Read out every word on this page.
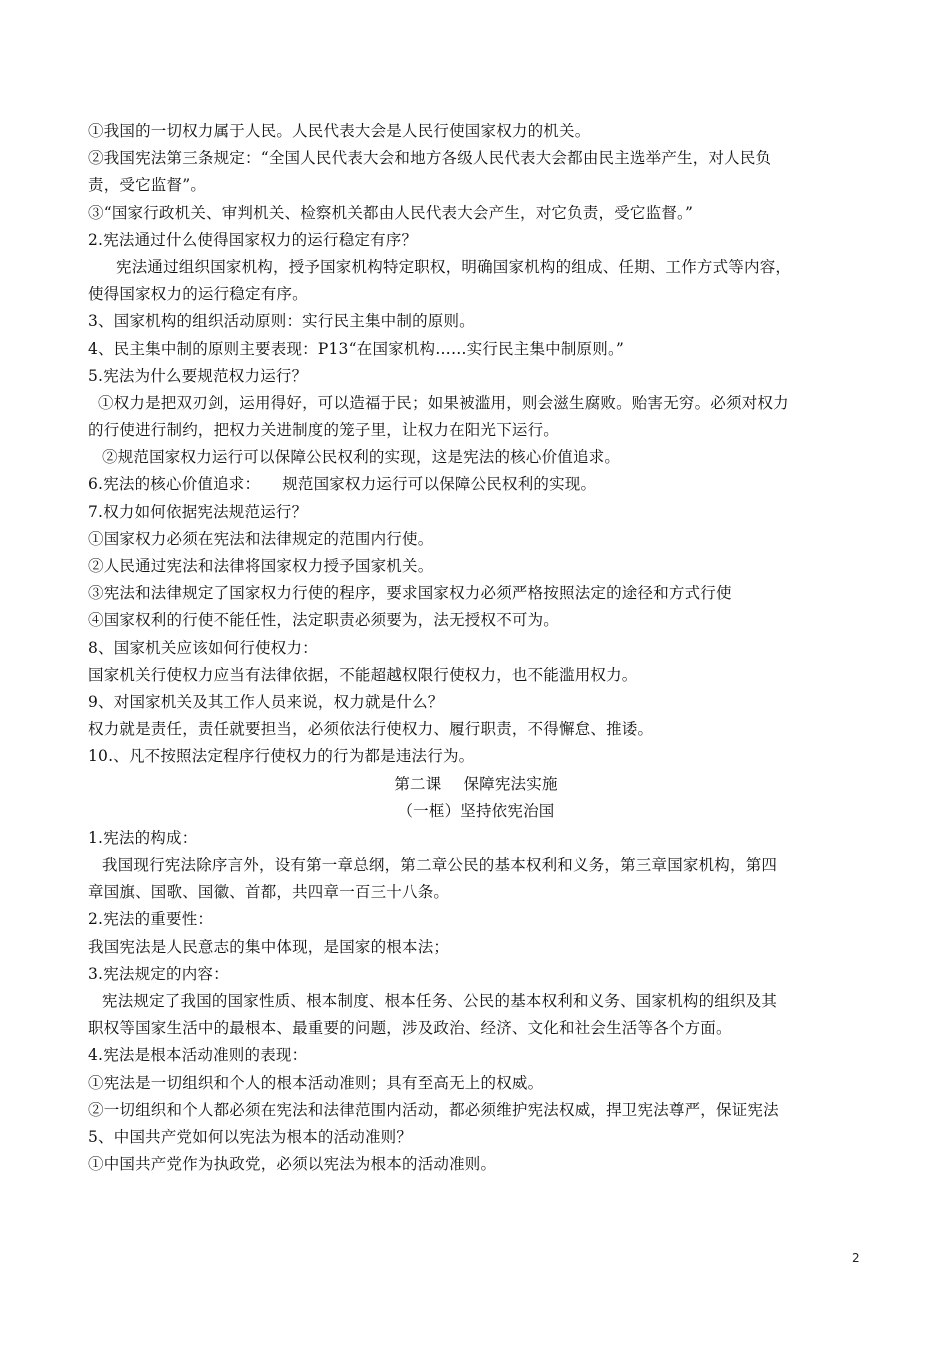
①我国的一切权力属于人民。人民代表大会是人民行使国家权力的机关。
②我国宪法第三条规定：“全国人民代表大会和地方各级人民代表大会都由民主选举产生，对人民负
责，受它监督”。
③“国家行政机关、审判机关、检察机关都由人民代表大会产生，对它负责，受它监督。”
2.宪法通过什么使得国家权力的运行稳定有序？
宪法通过组织国家机构，授予国家机构特定职权，明确国家机构的组成、任期、工作方式等内容，
使得国家权力的运行稳定有序。
3、国家机构的组织活动原则：实行民主集中制的原则。
4、民主集中制的原则主要表现：P13“在国家机构……实行民主集中制原则。”
5.宪法为什么要规范权力运行？
①权力是把双刃剑，运用得好，可以造福于民；如果被滥用，则会滋生腐败。贻害无穷。必须对权力
的行使进行制约，把权力关进制度的笼子里，让权力在阳光下运行。
②规范国家权力运行可以保障公民权利的实现，这是宪法的核心价值追求。
6.宪法的核心价值追求： 规范国家权力运行可以保障公民权利的实现。
7.权力如何依据宪法规范运行？
①国家权力必须在宪法和法律规定的范围内行使。
②人民通过宪法和法律将国家权力授予国家机关。
③宪法和法律规定了国家权力行使的程序，要求国家权力必须严格按照法定的途径和方式行使
④国家权利的行使不能任性，法定职责必须要为，法无授权不可为。
8、国家机关应该如何行使权力：
国家机关行使权力应当有法律依据，不能超越权限行使权力，也不能滥用权力。
9、对国家机关及其工作人员来说，权力就是什么？
权力就是责任，责任就要担当，必须依法行使权力、履行职责，不得懈怠、推诿。
10.、凡不按照法定程序行使权力的行为都是违法行为。
第二课 保障宪法实施
（一框）坚持依宪治国
1.宪法的构成：
我国现行宪法除序言外，设有第一章总纲，第二章公民的基本权利和义务，第三章国家机构，第四
章国旗、国歌、国徽、首都，共四章一百三十八条。
2.宪法的重要性：
我国宪法是人民意志的集中体现，是国家的根本法；
3.宪法规定的内容：
宪法规定了我国的国家性质、根本制度、根本任务、公民的基本权利和义务、国家机构的组织及其
职权等国家生活中的最根本、最重要的问题，涉及政治、经济、文化和社会生活等各个方面。
4.宪法是根本活动准则的表现：
①宪法是一切组织和个人的根本活动准则；具有至高无上的权威。
②一切组织和个人都必须在宪法和法律范围内活动，都必须维护宪法权威，捍卫宪法尊严，保证宪法
5、中国共产党如何以宪法为根本的活动准则？
①中国共产党作为执政党，必须以宪法为根本的活动准则。
2
